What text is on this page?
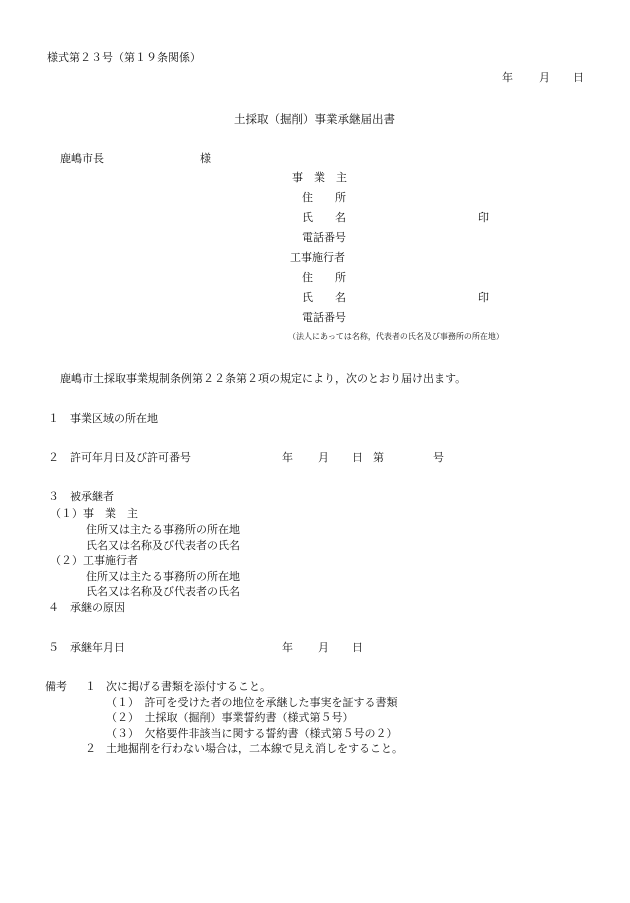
様式第２３号（第１９条関係）
年 月 日
土採取（掘削）事業承継届出書
鹿嶋市長	様
事　業　主
住　　所
氏　　名	印
電話番号
工事施行者
住　　所
氏　　名	印
電話番号
（法人にあっては名称，代表者の氏名及び事務所の所在地）
鹿嶋市土採取事業規制条例第２２条第２項の規定により，次のとおり届け出ます。
１　事業区域の所在地
２　許可年月日及び許可番号	年 月 日 第	号
３　被承継者
（１）事　業　主
住所又は主たる事務所の所在地
氏名又は名称及び代表者の氏名
（２）工事施行者
住所又は主たる事務所の所在地
氏名又は名称及び代表者の氏名
４　承継の原因
５　承継年月日	年 月 日
備考 １ 次に掲げる書類を添付すること。
（１）　許可を受けた者の地位を承継した事実を証する書類
（２）　土採取（掘削）事業誓約書（様式第５号）
（３）　欠格要件非該当に関する誓約書（様式第５号の２）
２ 土地掘削を行わない場合は，二本線で見え消しをすること。
